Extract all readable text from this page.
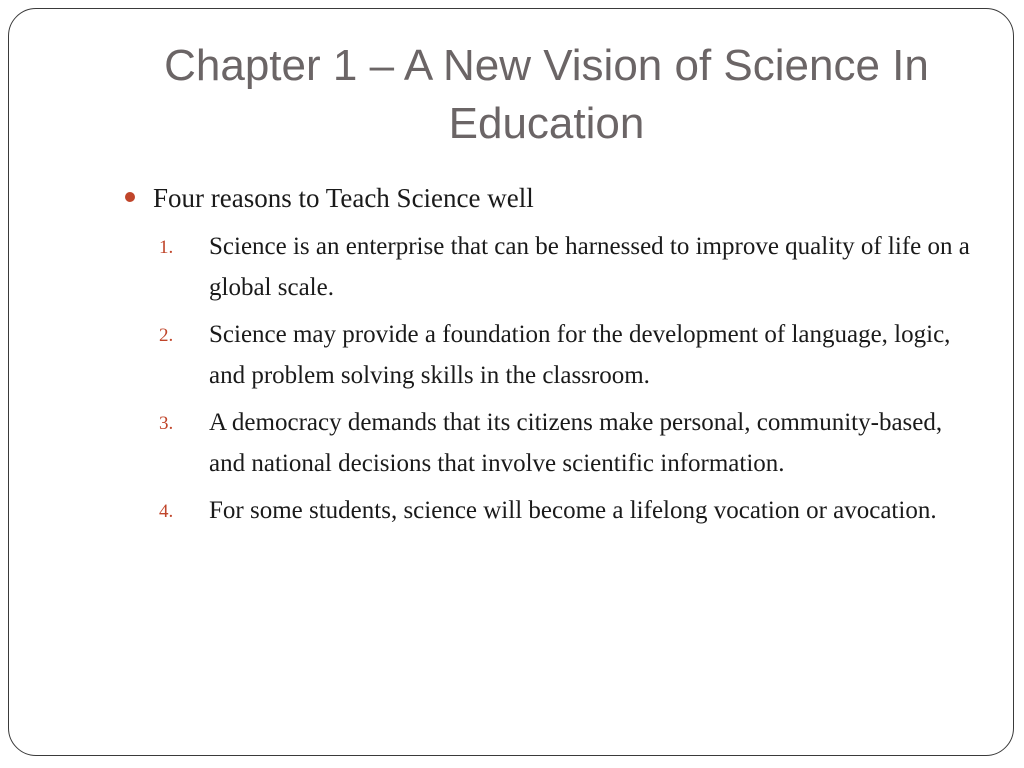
Chapter 1 – A New Vision of Science In Education
Four reasons to Teach Science well
1. Science is an enterprise that can be harnessed to improve quality of life on a global scale.
2. Science may provide a foundation for the development of language, logic, and problem solving skills in the classroom.
3. A democracy demands that its citizens make personal, community-based, and national decisions that involve scientific information.
4. For some students, science will become a lifelong vocation or avocation.
